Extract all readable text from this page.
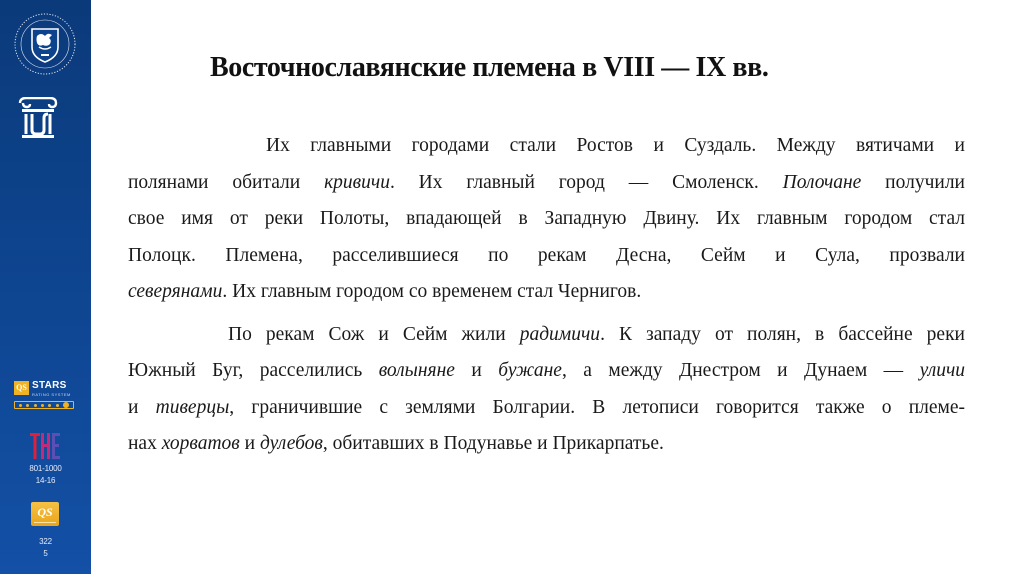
QS STARS
RATING SYSTEM
801-1000
14-16
QS
322
5
Восточнославянские племена в VIII — IX вв.
Их главными городами стали Ростов и Суздаль. Между вятичами и
полянами обитали кривичи. Их главный город — Смоленск. Полочане получили
свое имя от реки Полоты, впадающей в Западную Двину. Их главным городом стал
Полоцк. Племена, расселившиеся по рекам Десна, Сейм и Сула, прозвали
северянами. Их главным городом со временем стал Чернигов.
По рекам Сож и Сейм жили радимичи. К западу от полян, в бассейне реки
Южный Буг, расселились волыняне и бужане, а между Днестром и Дунаем — уличи
и тиверцы, граничившие с землями Болгарии. В летописи говорится также о племе-
нах хорватов и дулебов, обитавших в Подунавье и Прикарпатье.
